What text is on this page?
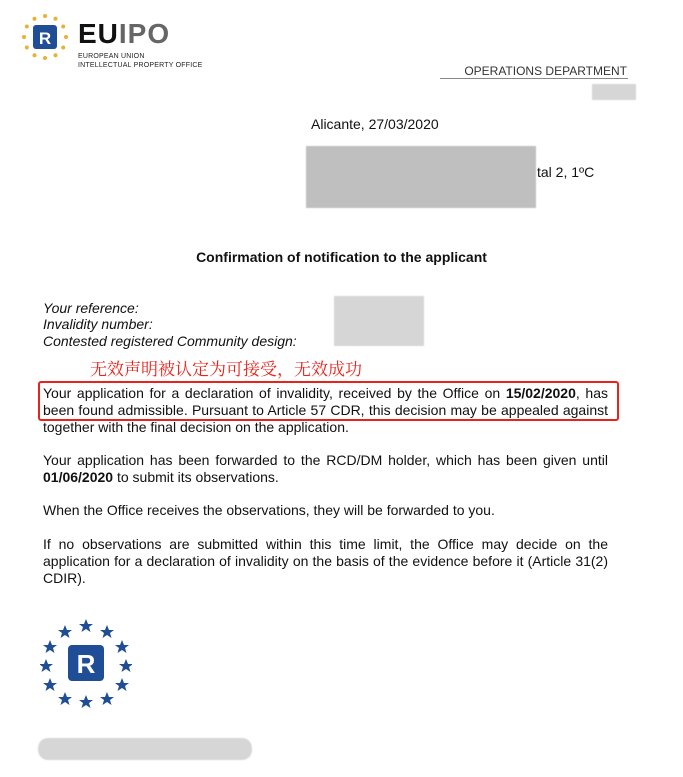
R EUIPO
EUROPEAN UNION
INTELLECTUAL PROPERTY OFFICE	OPERATIONS DEPARTMENT
Alicante, 27/03/2020
tal 2, 1ºC
Confirmation of notification to the applicant
Your reference:
Invalidity number:
Contested registered Community design:
无效声明被认定为可接受，无效成功
Your application for a declaration of invalidity, received by the Office on 15/02/2020, has been found admissible. Pursuant to Article 57 CDR, this decision may be appealed against together with the final decision on the application.
Your application has been forwarded to the RCD/DM holder, which has been given until 01/06/2020 to submit its observations.
When the Office receives the observations, they will be forwarded to you.
If no observations are submitted within this time limit, the Office may decide on the application for a declaration of invalidity on the basis of the evidence before it (Article 31(2) CDIR).
R
